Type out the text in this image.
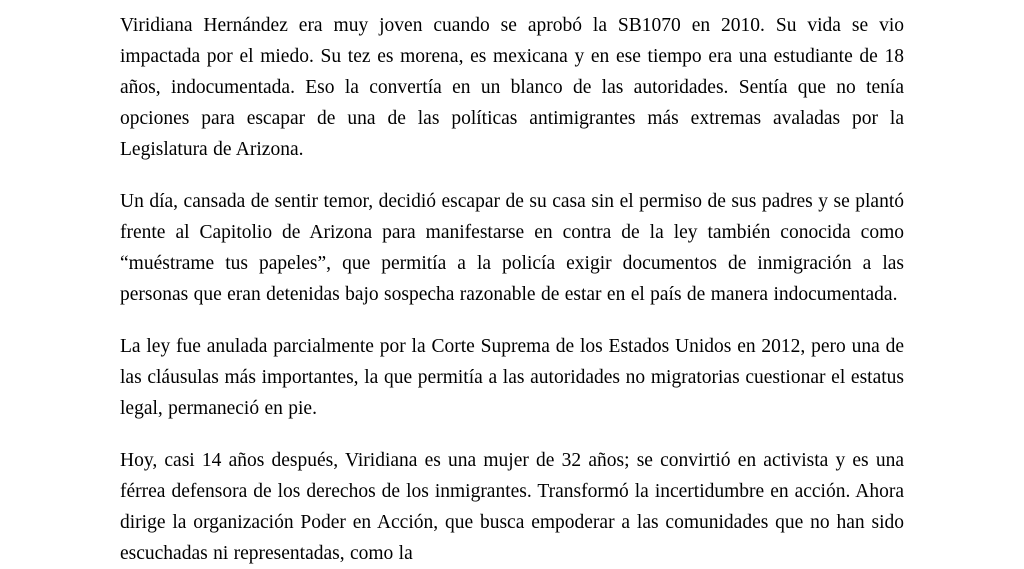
Viridiana Hernández era muy joven cuando se aprobó la SB1070 en 2010. Su vida se vio impactada por el miedo. Su tez es morena, es mexicana y en ese tiempo era una estudiante de 18 años, indocumentada. Eso la convertía en un blanco de las autoridades. Sentía que no tenía opciones para escapar de una de las políticas antimigrantes más extremas avaladas por la Legislatura de Arizona.

Un día, cansada de sentir temor, decidió escapar de su casa sin el permiso de sus padres y se plantó frente al Capitolio de Arizona para manifestarse en contra de la ley también conocida como “muéstrame tus papeles”, que permitía a la policía exigir documentos de inmigración a las personas que eran detenidas bajo sospecha razonable de estar en el país de manera indocumentada.

La ley fue anulada parcialmente por la Corte Suprema de los Estados Unidos en 2012, pero una de las cláusulas más importantes, la que permitía a las autoridades no migratorias cuestionar el estatus legal, permaneció en pie.

Hoy, casi 14 años después, Viridiana es una mujer de 32 años; se convirtió en activista y es una férrea defensora de los derechos de los inmigrantes. Transformó la incertidumbre en acción. Ahora dirige la organización Poder en Acción, que busca empoderar a las comunidades que no han sido escuchadas ni representadas, como la
